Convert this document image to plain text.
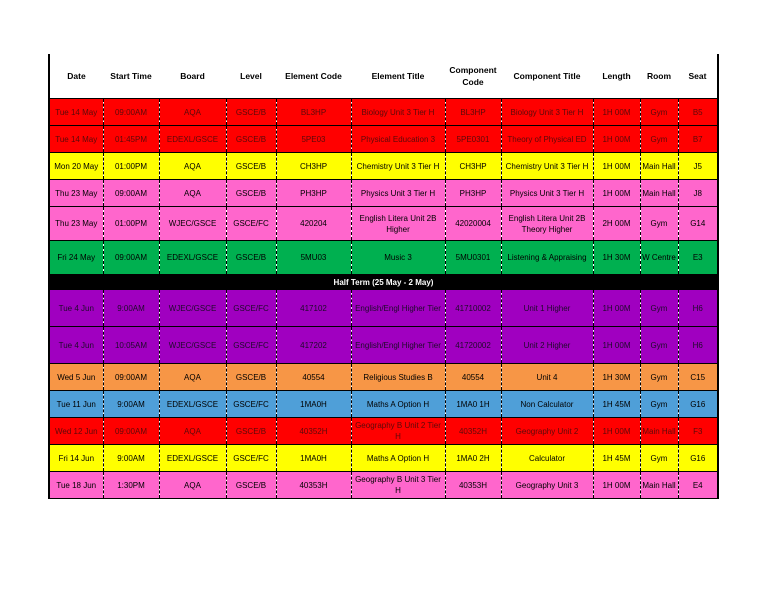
Date	Start Time	Board	Level	Element Code	Element Title	Component Code	Component Title	Length	Room	Seat
Tue 14 May	09:00AM	AQA	GSCE/B	BL3HP	Biology Unit 3 Tier H	BL3HP	Biology Unit 3 Tier H	1H 00M	Gym	B5
Tue 14 May	01:45PM	EDEXL/GSCE	GSCE/B	5PE03	Physical Education 3	5PE0301	Theory of Physical ED	1H 00M	Gym	B7
Mon 20 May	01:00PM	AQA	GSCE/B	CH3HP	Chemistry Unit 3 Tier H	CH3HP	Chemistry Unit 3 Tier H	1H 00M	Main Hall	J5
Thu 23 May	09:00AM	AQA	GSCE/B	PH3HP	Physics Unit 3 Tier H	PH3HP	Physics Unit 3 Tier H	1H 00M	Main Hall	J8
Thu 23 May	01:00PM	WJEC/GSCE	GSCE/FC	420204	English Litera Unit 2B Higher	42020004	English Litera Unit 2B Theory Higher	2H 00M	Gym	G14
Fri 24 May	09:00AM	EDEXL/GSCE	GSCE/B	5MU03	Music 3	5MU0301	Listening & Appraising	1H 30M	W Centre	E3
Half Term (25 May - 2 May)										
Tue 4 Jun	9:00AM	WJEC/GSCE	GSCE/FC	417102	English/Engl Higher Tier	41710002	Unit 1 Higher	1H 00M	Gym	H6
Tue 4 Jun	10:05AM	WJEC/GSCE	GSCE/FC	417202	English/Engl Higher Tier	41720002	Unit 2 Higher	1H 00M	Gym	H6
Wed 5 Jun	09:00AM	AQA	GSCE/B	40554	Religious Studies B	40554	Unit 4	1H 30M	Gym	C15
Tue 11 Jun	9:00AM	EDEXL/GSCE	GSCE/FC	1MA0H	Maths A Option H	1MA0 1H	Non Calculator	1H 45M	Gym	G16
Wed 12 Jun	09:00AM	AQA	GSCE/B	40352H	Geography B Unit 2 Tier H	40352H	Geography Unit 2	1H 00M	Main Hall	F3
Fri 14 Jun	9:00AM	EDEXL/GSCE	GSCE/FC	1MA0H	Maths A Option H	1MA0 2H	Calculator	1H 45M	Gym	G16
Tue 18 Jun	1:30PM	AQA	GSCE/B	40353H	Geography B Unit 3 Tier H	40353H	Geography Unit 3	1H 00M	Main Hall	E4
